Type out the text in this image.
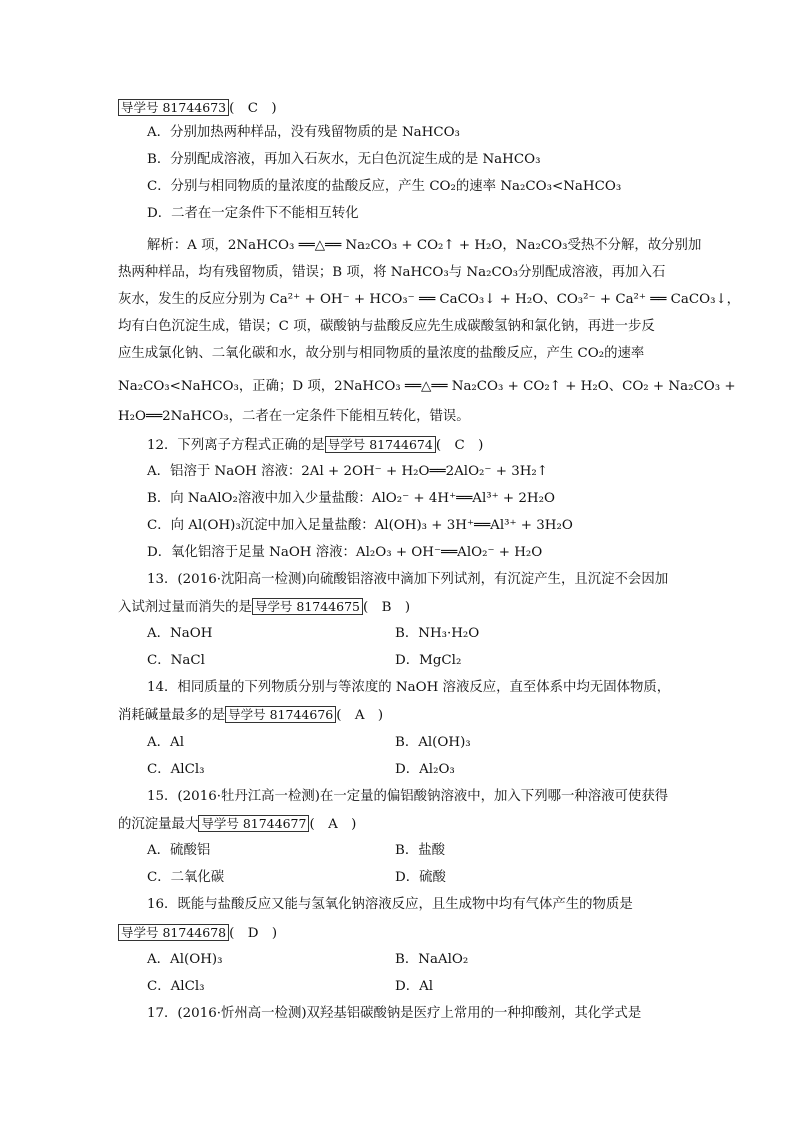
导学号 81744673 (　C　)
A．分别加热两种样品，没有残留物质的是 NaHCO₃
B．分别配成溶液，再加入石灰水，无白色沉淀生成的是 NaHCO₃
C．分别与相同物质的量浓度的盐酸反应，产生 CO₂的速率 Na₂CO₃<NaHCO₃
D．二者在一定条件下不能相互转化
解析：A 项，2NaHCO₃ ══△══ Na₂CO₃ + CO₂↑ + H₂O，Na₂CO₃受热不分解，故分别加
热两种样品，均有残留物质，错误；B 项，将 NaHCO₃与 Na₂CO₃分别配成溶液，再加入石
灰水，发生的反应分别为 Ca²⁺ + OH⁻ + HCO₃⁻ ══ CaCO₃↓ + H₂O、CO₃²⁻ + Ca²⁺ ══ CaCO₃↓，
均有白色沉淀生成，错误；C 项，碳酸钠与盐酸反应先生成碳酸氢钠和氯化钠，再进一步反
应生成氯化钠、二氧化碳和水，故分别与相同物质的量浓度的盐酸反应，产生 CO₂的速率
Na₂CO₃<NaHCO₃，正确；D 项，2NaHCO₃ ══△══ Na₂CO₃ + CO₂↑ + H₂O、CO₂ + Na₂CO₃ +
H₂O══2NaHCO₃，二者在一定条件下能相互转化，错误。
12．下列离子方程式正确的是 导学号 81744674 (　C　)
A．铝溶于 NaOH 溶液：2Al + 2OH⁻ + H₂O══2AlO₂⁻ + 3H₂↑
B．向 NaAlO₂溶液中加入少量盐酸：AlO₂⁻ + 4H⁺══Al³⁺ + 2H₂O
C．向 Al(OH)₃沉淀中加入足量盐酸：Al(OH)₃ + 3H⁺══Al³⁺ + 3H₂O
D．氧化铝溶于足量 NaOH 溶液：Al₂O₃ + OH⁻══AlO₂⁻ + H₂O
13．(2016·沈阳高一检测)向硫酸铝溶液中滴加下列试剂，有沉淀产生，且沉淀不会因加
入试剂过量而消失的是 导学号 81744675 (　B　)
A．NaOH	B．NH₃·H₂O
C．NaCl	D．MgCl₂
14．相同质量的下列物质分别与等浓度的 NaOH 溶液反应，直至体系中均无固体物质，
消耗碱量最多的是 导学号 81744676 (　A　)
A．Al	B．Al(OH)₃
C．AlCl₃	D．Al₂O₃
15．(2016·牡丹江高一检测)在一定量的偏铝酸钠溶液中，加入下列哪一种溶液可使获得
的沉淀量最大 导学号 81744677 (　A　)
A．硫酸铝	B．盐酸
C．二氧化碳	D．硫酸
16．既能与盐酸反应又能与氢氧化钠溶液反应，且生成物中均有气体产生的物质是
导学号 81744678 (　D　)
A．Al(OH)₃	B．NaAlO₂
C．AlCl₃	D．Al
17．(2016·忻州高一检测)双羟基铝碳酸钠是医疗上常用的一种抑酸剂，其化学式是
